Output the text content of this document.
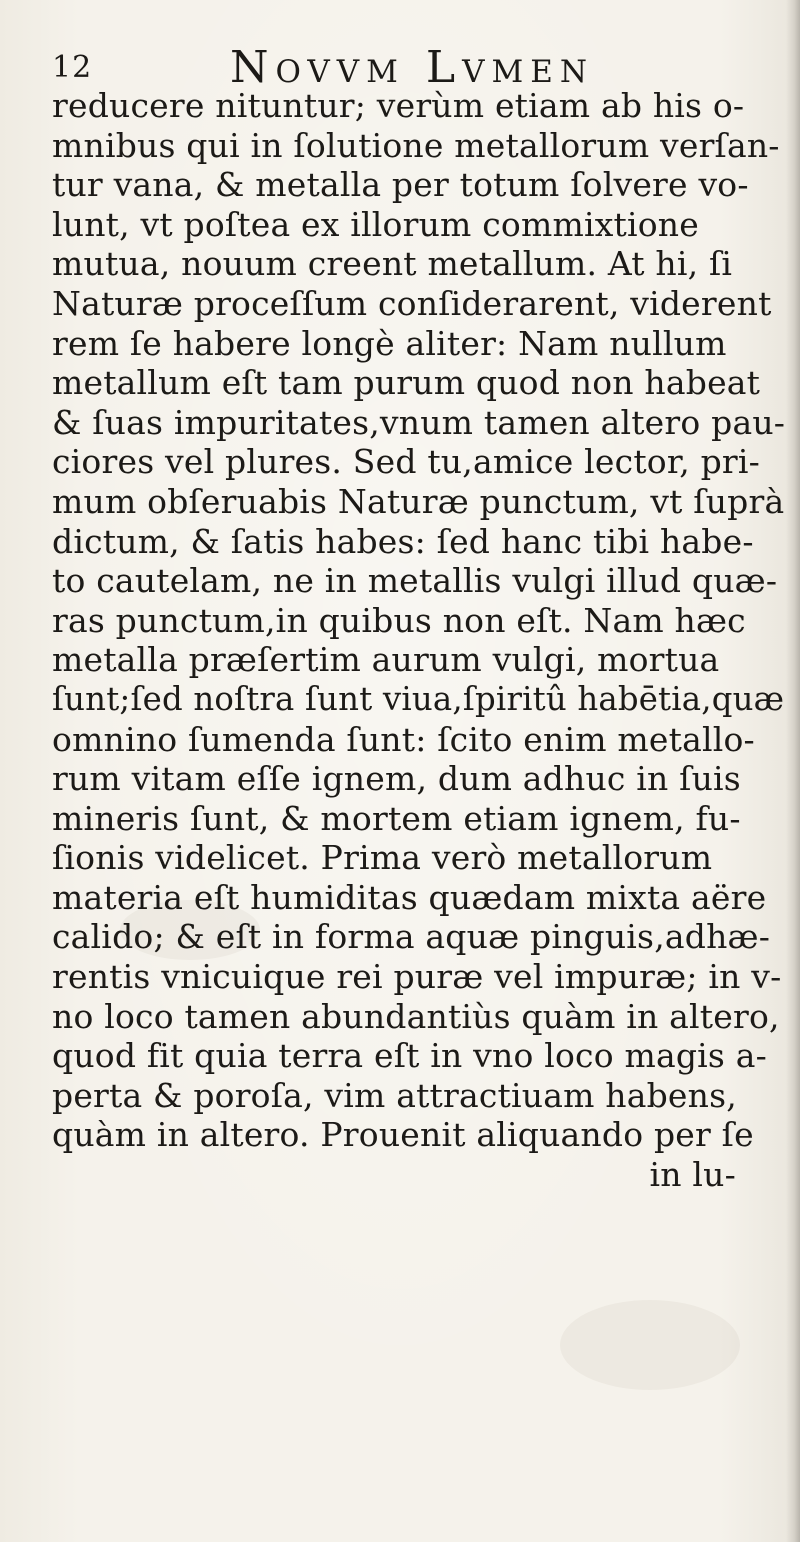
12	Novvm Lvmen
reducere nituntur; verùm etiam ab his o-
mnibus qui in ſolutione metallorum verſan-
tur vana, & metalla per totum ſolvere vo-
lunt, vt poſtea ex illorum commixtione
mutua, nouum creent metallum. At hi, ſi
Naturæ proceſſum conſiderarent, viderent
rem ſe habere longè aliter: Nam nullum
metallum eſt tam purum quod non habeat
& ſuas impuritates,vnum tamen altero pau-
ciores vel plures. Sed tu,amice lector, pri-
mum obſeruabis Naturæ punctum, vt ſuprà
dictum, & ſatis habes: ſed hanc tibi habe-
to cautelam, ne in metallis vulgi illud quæ-
ras punctum,in quibus non eſt. Nam hæc
metalla præſertim aurum vulgi, mortua
ſunt;ſed noſtra ſunt viua,ſpiritû habētia,quæ
omnino ſumenda ſunt: ſcito enim metallo-
rum vitam eſſe ignem, dum adhuc in ſuis
mineris ſunt, & mortem etiam ignem, fu-
ſionis videlicet. Prima verò metallorum
materia eſt humiditas quædam mixta aëre
calido; & eſt in forma aquæ pinguis,adhæ-
rentis vnicuique rei puræ vel impuræ; in v-
no loco tamen abundantiùs quàm in altero,
quod fit quia terra eſt in vno loco magis a-
perta & poroſa, vim attractiuam habens,
quàm in altero. Prouenit aliquando per ſe
in lu-
